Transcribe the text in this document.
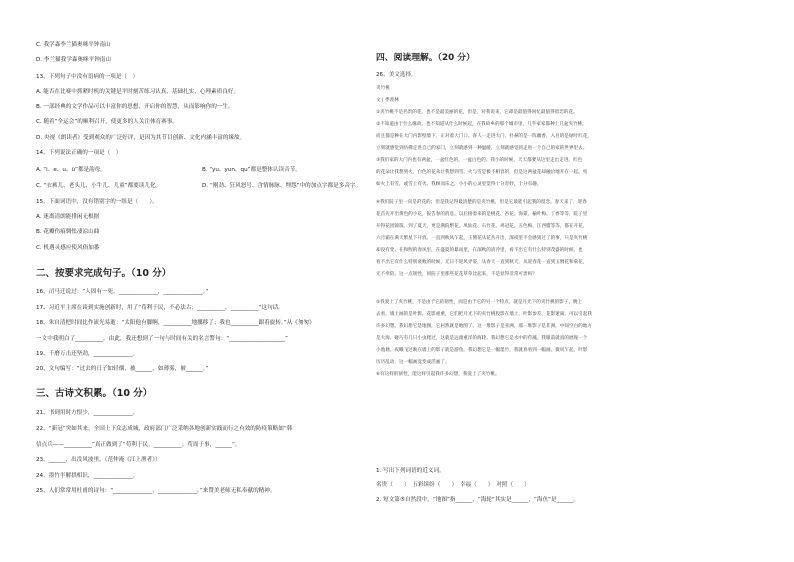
C. 我学森李兰猫奥咪平钟南山
D. 李兰猫我学森奥咪平钟南山
13、下列句子中没有语病的一项是（　）
A. 能否在比赛中抓紧时机的关键是平时刻苦练习认真，基础扎实，心理素质良好。
B. 一部经典的文学作品可以丰富你的思想，开启你的智慧，从而影响你的一生。
C. 随着“全运会”的顺利召开，使更多的人关注体育赛事。
D. 央视《朗读者》受到观众的广泛好评，是因为其节目创新、文化内涵丰富的缘故。
14、下列说法正确的一项是（　）
A. “i、e、u、ü”都是韵母。	B. “yu、yun、qu”都是整体认读音节。
C. “衣裤儿、老头儿、小牛儿、儿童”都要读儿化。	D. “刚劲、狂风怒号、含情脉脉、埋怨”中的加点字都是多音字。
15、下面词语中，没有错别字的一组是（　　）。
A. 迷离清朗能排闲无根据
B. 花瓣伤痕惆怅凄凉山曲
C. 机遇灵感应使风俗加番
二、按要求完成句子。（10 分）
16、司马迁说过：“人固有一死，______________，______________。”
17、习近平主席在谈到实施创新时，用了“苟利于民，不必法古；__________，__________”这句话。
18、朱自清把时间比作流光易逝：“太阳他有脚啊，__________地挪移了；我也__________跟着旋转。”从《匆匆》
一文中我明白了__________。由此，我还想到了一句与时间有关的名言警句：“____________________”
19、千磨万击还坚劲，______________。
20、文句编写：“过去的日子如轻烟，被______，如薄雾，被______。”
三、古诗文积累。（10 分）
21、书到用时方恨少，______________。
22、“新冠”突如其来，全国上下众志成城，政府部门广泛采纳各地创新实践而行之有效的防疫策略如“韩
信点兵——__________”真正做到了“苟利于民，__________；苟周于事，______”。
23、______，出没风波里。（范仲淹《江上渔者》）
24、墨竹半解拱相识，______________。
25、人们常常用杜甫的诗句：“______________，______________。”来赞美老师无私奉献的精神。
四、阅读理解。（20 分）
26、美文选择。
夹竹桃
文 | 季羡林
①夹竹桃不是名贵的花，也不是最美丽的花，但是，对我说来，它却是最值得回忆最值得留恋的花。
②不知道由于什么缘故，也不知道从什么时候起，在我故乡的那个城市里，几乎家家都种上几盆夹竹桃，
而且都是种在大门内影壁墙下，正对着大门口。客人一走进大门，扑鼻的是一阵幽香，入目的是绿叶红花，
立刻就感觉到仿佛走进自己的家门，立刻就感到一种温暖，立刻就感觉到走进一个自己的家的世界里去。
③我们家的大门内也有两盆，一盆红色的，一盆白色的。我小的时候，天天都要从这里走出走进。红色
的花朵让我想到火，白色的花朵让我想到雪。火与雪是极不相容的，但是这两盆花却融洽地开在一起，宛
如火上有雪，或雪上有火。我顾而乐之，小小的心灵里觉得十分奇妙，十分有趣。
④我们院子里一向是莳花的；但是我记得最清楚的是夹竹桃，但是它最能引起我的留恋。春天来了，迎春
花首先开出黄色的小花，报告春的消息。以后接着来的是桃花、杏花、海棠、榆叶梅、丁香等等，院子里
开得花团锦簇。到了夏天，更是满院繁花。凤仙花、石竹花、鸡冠花、五色梅、江西腊等等，都在开花，
六月霜在满天繁星下开放。一直到秋风乍起，玉簪花从花丛开出，深夜里不会感到过了的事，只是夹竹桃
却没有变。在和煦的春风里，在盛夏的暴雨里，在深秋的清冷里，看不出它有什么特别茂盛的时候，也
看不出它有什么特别衰败的时候，无日不迎风弄姿，从春天一直到秋天，从迎春花一直到玉簪花和菊花，
无不奉陪。这一点韧性，同院子里那些花花草草比起来，不是显得非常可贵吗？
⑤我爱上了夹竹桃，不是由于它的韧性，而是由于它的另一个特点，就是月光下的夹竹桃的影子。晚上
去看，墙上画的是叶影，花影重重，它们把月光下的夹竹桃投影在墙上，叶影参差，花影迷离，可以引起我
许多幻想。我幻想它是地图，它居然就是地图了。这一堆影子是亚洲，那一堆影子是非洲，中间空白的地方
是大海。碰巧有几只小虫爬过，这就是远渡重洋的海轮。我幻想它是水中的荇藻，我眼前就真的展现一个
小池塘。夜蛾飞过映在墙上的影子就是游鱼。我幻想它是一幅墨竹，我就真看到一幅画。微风乍起，叶影
历历乱动，这一幅画竟变成活画了。
⑥有这样的韧性，能这样引起我许多幻想，我爱上了夹竹桃。
1. 写出下列词语的近义词。
名贵（　　）　五彩缤纷（　　）　幸福（　　）　对照（　　）
2. 短文第⑤自然段中，“地图”指______，“海轮”其实是______，“海鱼”是______。
